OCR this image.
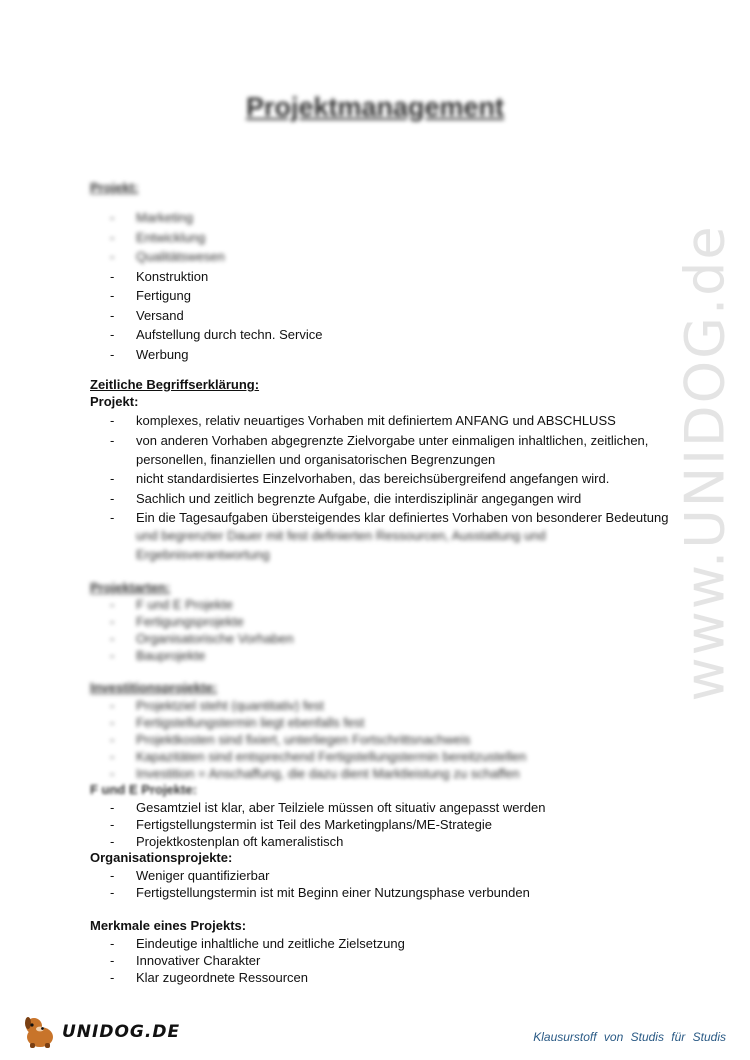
www.UNIDOG.de
Projektmanagement
Projekt:
- Marketing
- Entwicklung
- Qualitätswesen
- Konstruktion
- Fertigung
- Versand
- Aufstellung durch techn. Service
- Werbung
Zeitliche Begriffserklärung:
Projekt:
- komplexes, relativ neuartiges Vorhaben mit definiertem ANFANG und ABSCHLUSS
- von anderen Vorhaben abgegrenzte Zielvorgabe unter einmaligen inhaltlichen, zeitlichen,
personellen, finanziellen und organisatorischen Begrenzungen
- nicht standardisiertes Einzelvorhaben, das bereichsübergreifend angefangen wird.
- Sachlich und zeitlich begrenzte Aufgabe, die interdisziplinär angegangen wird
- Ein die Tagesaufgaben übersteigendes klar definiertes Vorhaben von besonderer Bedeutung
und begrenzter Dauer mit fest definierten Ressourcen, Ausstattung und
Ergebnisverantwortung
Projektarten:
- F und E Projekte
- Fertigungsprojekte
- Organisatorische Vorhaben
- Bauprojekte
Investitionsprojekte:
- Projektziel steht (quantitativ) fest
- Fertigstellungstermin liegt ebenfalls fest
- Projektkosten sind fixiert, unterliegen Fortschrittsnachweis
- Kapazitäten sind entsprechend Fertigstellungstermin bereitzustellen
- Investition = Anschaffung, die dazu dient Marktleistung zu schaffen
F und E Projekte:
- Gesamtziel ist klar, aber Teilziele müssen oft situativ angepasst werden
- Fertigstellungstermin ist Teil des Marketingplans/ME-Strategie
- Projektkostenplan oft kameralistisch
Organisationsprojekte:
- Weniger quantifizierbar
- Fertigstellungstermin ist mit Beginn einer Nutzungsphase verbunden
Merkmale eines Projekts:
- Eindeutige inhaltliche und zeitliche Zielsetzung
- Innovativer Charakter
- Klar zugeordnete Ressourcen
UNIDOG.DE	Klausurstoff von Studis für Studis
